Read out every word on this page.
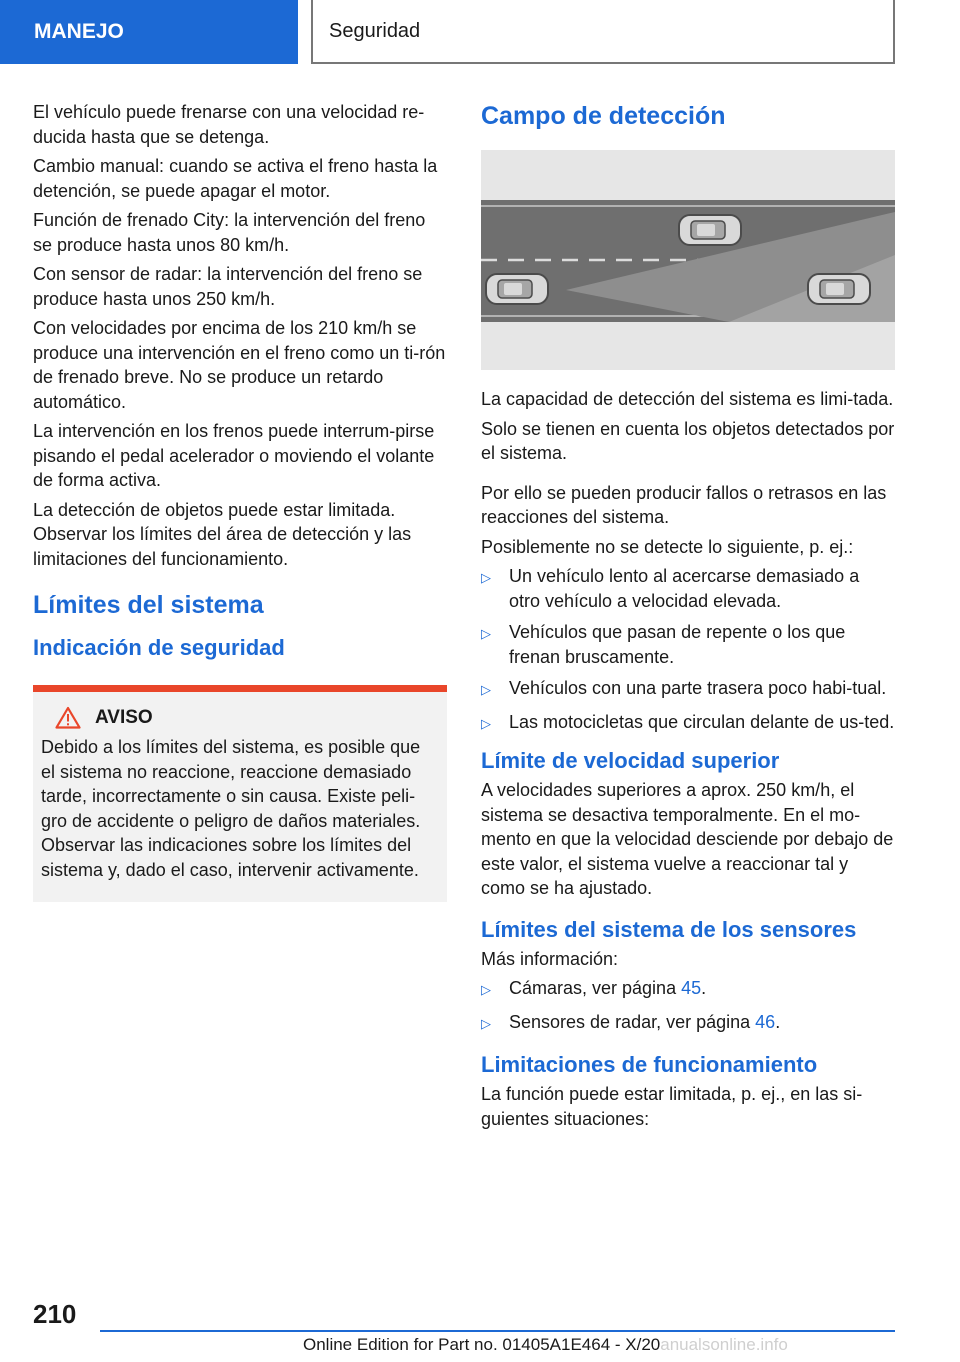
MANEJO	Seguridad

El vehículo puede frenarse con una velocidad re-ducida hasta que se detenga.

Cambio manual: cuando se activa el freno hasta la detención, se puede apagar el motor.

Función de frenado City: la intervención del freno se produce hasta unos 80 km/h.

Con sensor de radar: la intervención del freno se produce hasta unos 250 km/h.

Con velocidades por encima de los 210 km/h se produce una intervención en el freno como un ti-rón de frenado breve. No se produce un retardo automático.

La intervención en los frenos puede interrum-pirse pisando el pedal acelerador o moviendo el volante de forma activa.

La detección de objetos puede estar limitada. Observar los límites del área de detección y las limitaciones del funcionamiento.

Límites del sistema
Indicación de seguridad
AVISO

Debido a los límites del sistema, es posible que el sistema no reaccione, reaccione demasiado tarde, incorrectamente o sin causa. Existe peli-gro de accidente o peligro de daños materiales. Observar las indicaciones sobre los límites del sistema y, dado el caso, intervenir activamente.

Campo de detección

La capacidad de detección del sistema es limi-tada.

Solo se tienen en cuenta los objetos detectados por el sistema.

Por ello se pueden producir fallos o retrasos en las reacciones del sistema.

Posiblemente no se detecte lo siguiente, p. ej.:

▷	Un vehículo lento al acercarse demasiado a otro vehículo a velocidad elevada.
▷	Vehículos que pasan de repente o los que frenan bruscamente.
▷	Vehículos con una parte trasera poco habi-tual.
▷	Las motocicletas que circulan delante de us-ted.
Límite de velocidad superior

A velocidades superiores a aprox. 250 km/h, el sistema se desactiva temporalmente. En el mo-mento en que la velocidad desciende por debajo de este valor, el sistema vuelve a reaccionar tal y como se ha ajustado.

Límites del sistema de los sensores

Más información:

▷	Cámaras, ver página 45.
▷	Sensores de radar, ver página 46.
Limitaciones de funcionamiento

La función puede estar limitada, p. ej., en las si-guientes situaciones:

210
Online Edition for Part no. 01405A1E464 - X/20anualsonline.info
